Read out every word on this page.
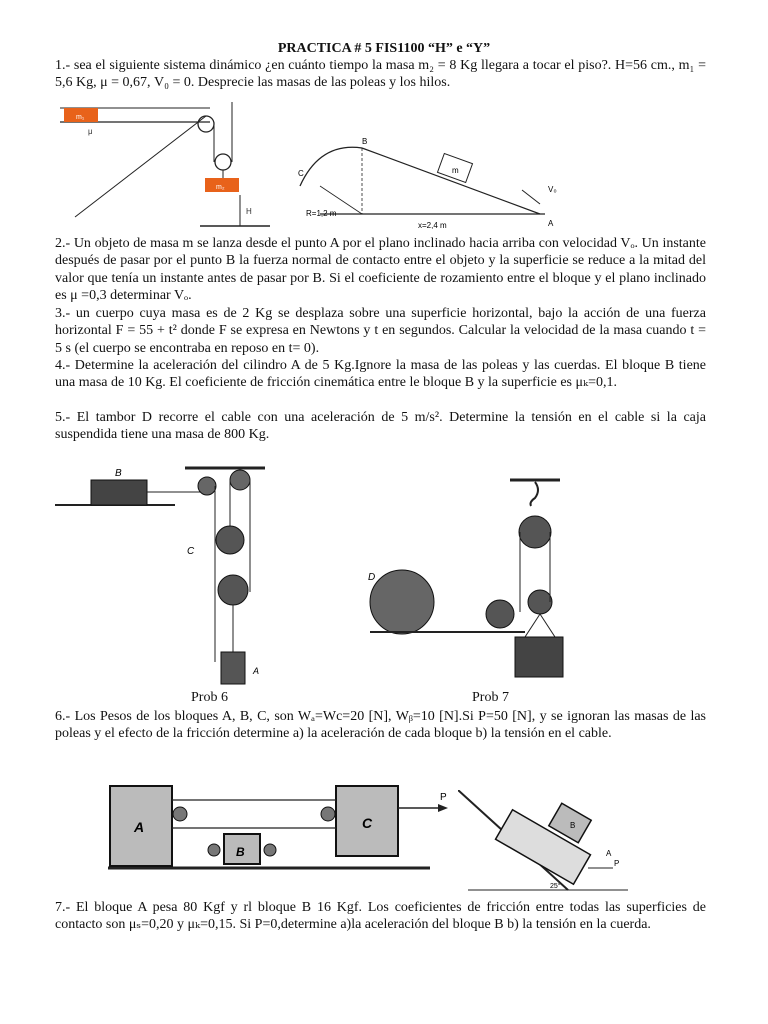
PRACTICA # 5 FIS1100 “H” e “Y”

1.- sea el siguiente sistema dinámico ¿en cuánto tiempo la masa m₂ = 8 Kg llegara a tocar el piso?. H=56 cm., m₁ = 5,6 Kg, μ = 0,67, V₀ = 0. Desprecie las masas de las poleas y los hilos.

m₁
μ
m₂
H
m
B
C
V₀
R=1,2 m
x=2,4 m	A

2.- Un objeto de masa m se lanza desde el punto A por el plano inclinado hacia arriba con velocidad Vₒ. Un instante después de pasar por el punto B la fuerza normal de contacto entre el objeto y la superficie se reduce a la mitad del valor que tenía un instante antes de pasar por B. Si el coeficiente de rozamiento entre el bloque y el plano inclinado es μ =0,3 determinar Vₒ.

3.- un cuerpo cuya masa es de 2 Kg se desplaza sobre una superficie horizontal, bajo la acción de una fuerza horizontal F = 55 + t² donde F se expresa en Newtons y t en segundos. Calcular la velocidad de la masa cuando t = 5 s (el cuerpo se encontraba en reposo en t= 0).

4.- Determine la aceleración del cilindro A de 5 Kg.Ignore la masa de las poleas y las cuerdas. El bloque B tiene una masa de 10 Kg. El coeficiente de fricción cinemática entre le bloque B y la superficie es μₖ=0,1.

5.- El tambor D recorre el cable con una aceleración de 5 m/s². Determine la tensión en el cable si la caja suspendida tiene una masa de 800 Kg.

B
C
A
D
Prob 6	Prob 7

6.- Los Pesos de los bloques A, B, C, son Wₐ=Wc=20 [N], Wᵦ=10 [N].Si P=50 [N], y se ignoran las masas de las poleas y el efecto de la fricción determine a) la aceleración de cada bloque b) la tensión en el cable.

A	C
B
P
B
A
P
25°

7.- El bloque A pesa 80 Kgf y rl bloque B 16 Kgf. Los coeficientes de fricción entre todas las superficies de contacto son μₛ=0,20 y μₖ=0,15. Si P=0,determine a)la aceleración del bloque B b) la tensión en la cuerda.
